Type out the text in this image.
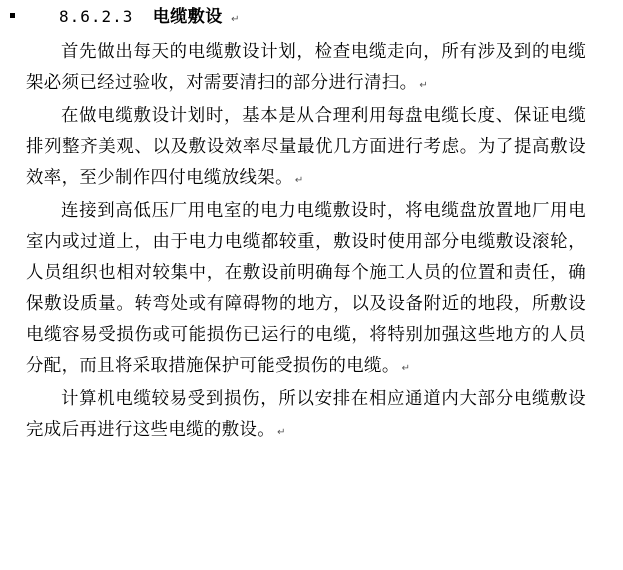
8.6.2.3 电缆敷设 ↵

首先做出每天的电缆敷设计划，检查电缆走向，所有涉及到的电缆架必须已经过验收，对需要清扫的部分进行清扫。 ↵

在做电缆敷设计划时，基本是从合理利用每盘电缆长度、保证电缆排列整齐美观、以及敷设效率尽量最优几方面进行考虑。为了提高敷设效率，至少制作四付电缆放线架。 ↵

连接到高低压厂用电室的电力电缆敷设时，将电缆盘放置地厂用电室内或过道上，由于电力电缆都较重，敷设时使用部分电缆敷设滚轮，人员组织也相对较集中，在敷设前明确每个施工人员的位置和责任，确保敷设质量。转弯处或有障碍物的地方，以及设备附近的地段，所敷设电缆容易受损伤或可能损伤已运行的电缆，将特别加强这些地方的人员分配，而且将采取措施保护可能受损伤的电缆。 ↵

计算机电缆较易受到损伤，所以安排在相应通道内大部分电缆敷设完成后再进行这些电缆的敷设。 ↵
